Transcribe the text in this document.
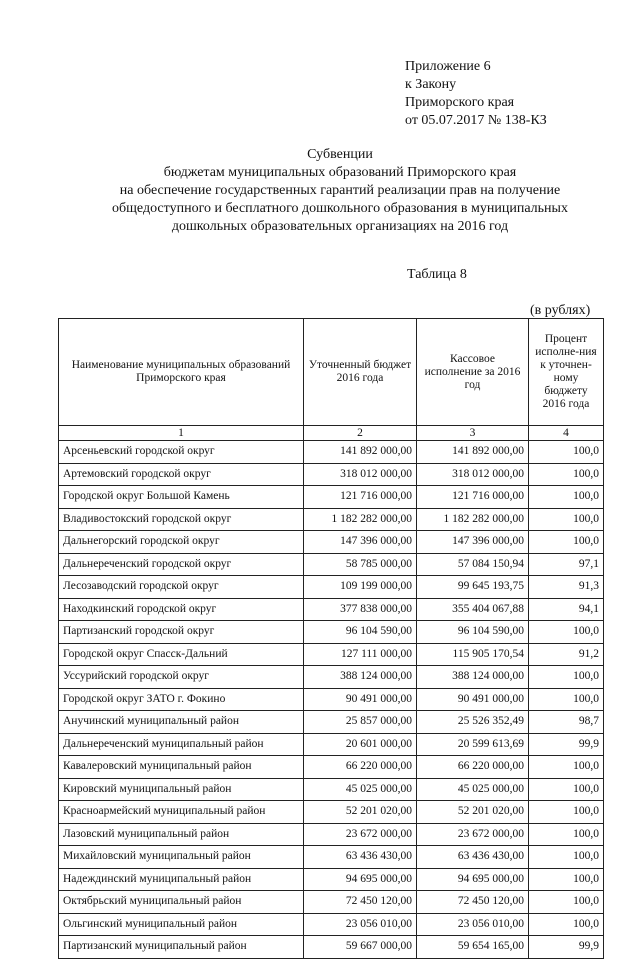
Приложение 6
к Закону
Приморского края
от 05.07.2017 № 138-КЗ
Субвенции
бюджетам муниципальных образований Приморского края
на обеспечение государственных гарантий реализации прав на получение
общедоступного и бесплатного дошкольного образования в муниципальных
дошкольных образовательных организациях на 2016 год
Таблица 8
(в рублях)
Наименование муниципальных образований Приморского края	Уточненный бюджет 2016 года	Кассовое исполнение за 2016 год	Процент исполне-ния к уточнен-ному бюджету 2016 года
1	2	3	4
Арсеньевский городской округ	141 892 000,00	141 892 000,00	100,0
Артемовский городской округ	318 012 000,00	318 012 000,00	100,0
Городской округ Большой Камень	121 716 000,00	121 716 000,00	100,0
Владивостокский городской округ	1 182 282 000,00	1 182 282 000,00	100,0
Дальнегорский городской округ	147 396 000,00	147 396 000,00	100,0
Дальнереченский городской округ	58 785 000,00	57 084 150,94	97,1
Лесозаводский городской округ	109 199 000,00	99 645 193,75	91,3
Находкинский городской округ	377 838 000,00	355 404 067,88	94,1
Партизанский городской округ	96 104 590,00	96 104 590,00	100,0
Городской округ Спасск-Дальний	127 111 000,00	115 905 170,54	91,2
Уссурийский городской округ	388 124 000,00	388 124 000,00	100,0
Городской округ ЗАТО г. Фокино	90 491 000,00	90 491 000,00	100,0
Анучинский муниципальный район	25 857 000,00	25 526 352,49	98,7
Дальнереченский муниципальный район	20 601 000,00	20 599 613,69	99,9
Кавалеровский муниципальный район	66 220 000,00	66 220 000,00	100,0
Кировский муниципальный район	45 025 000,00	45 025 000,00	100,0
Красноармейский муниципальный район	52 201 020,00	52 201 020,00	100,0
Лазовский муниципальный район	23 672 000,00	23 672 000,00	100,0
Михайловский муниципальный район	63 436 430,00	63 436 430,00	100,0
Надеждинский муниципальный район	94 695 000,00	94 695 000,00	100,0
Октябрьский муниципальный район	72 450 120,00	72 450 120,00	100,0
Ольгинский муниципальный район	23 056 010,00	23 056 010,00	100,0
Партизанский муниципальный район	59 667 000,00	59 654 165,00	99,9
